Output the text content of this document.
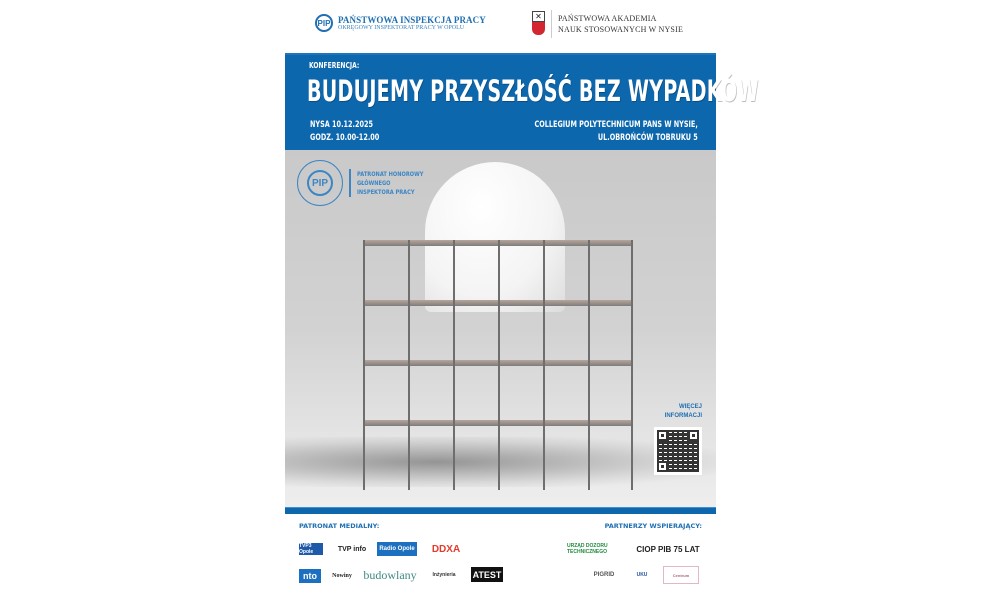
PIP PAŃSTWOWA INSPEKCJA PRACY
OKRĘGOWY INSPEKTORAT PRACY W OPOLU
✕	PAŃSTWOWA AKADEMIA
NAUK STOSOWANYCH W NYSIE
KONFERENCJA:
BUDUJEMY PRZYSZŁOŚĆ BEZ WYPADKÓW
NYSA 10.12.2025
GODZ. 10.00-12.00
COLLEGIUM POLYTECHNICUM PANS W NYSIE,
UL.OBROŃCÓW TOBRUKU 5
PIP
PATRONAT HONOROWY
GŁÓWNEGO
INSPEKTORA PRACY
WIĘCEJ
INFORMACJI
PATRONAT MEDIALNY:	PARTNERZY WSPIERAJĄCY:
TVP3 Opole	TVP info	Radio Opole	DDXA
nto	Nowiny budowlany	Inżynieria	ATEST
URZĄD DOZORU TECHNICZNEGO	CIOP PIB 75 LAT
PIGRID	UKU	Centrum
